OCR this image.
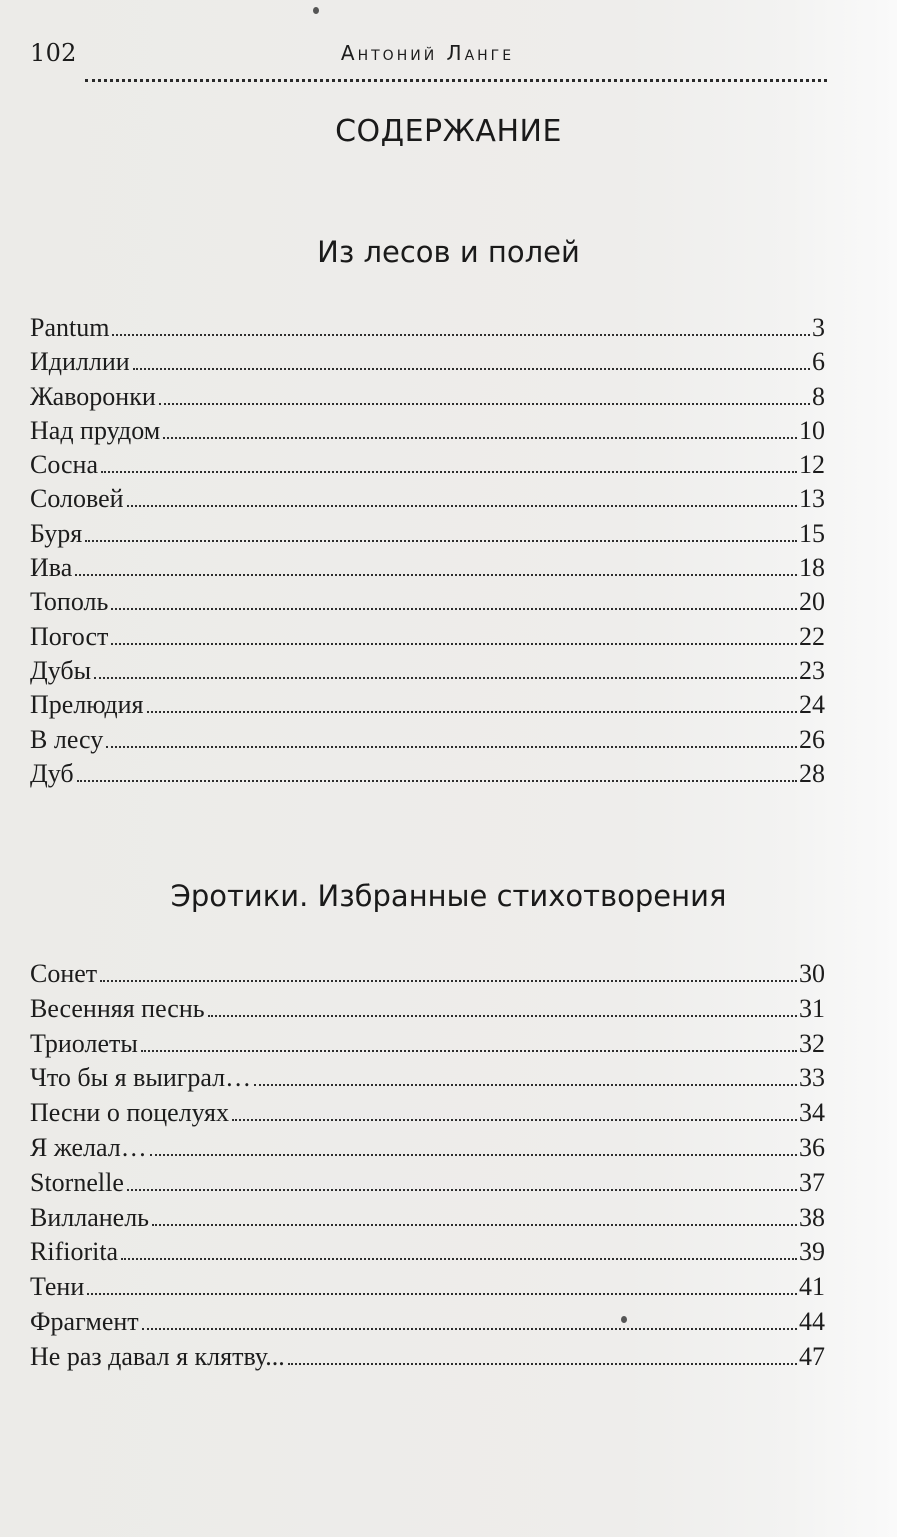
102	Антоний Ланге
СОДЕРЖАНИЕ
Из лесов и полей
Pantum	3
Идиллии	6
Жаворонки	8
Над прудом	10
Сосна	12
Соловей	13
Буря	15
Ива	18
Тополь	20
Погост	22
Дубы	23
Прелюдия	24
В лесу	26
Дуб	28
Эротики. Избранные стихотворения
Сонет	30
Весенняя песнь	31
Триолеты	32
Что бы я выиграл…	33
Песни о поцелуях	34
Я желал…	36
Stornelle	37
Вилланель	38
Rifiorita	39
Тени	41
Фрагмент	44
Не раз давал я клятву...	47
